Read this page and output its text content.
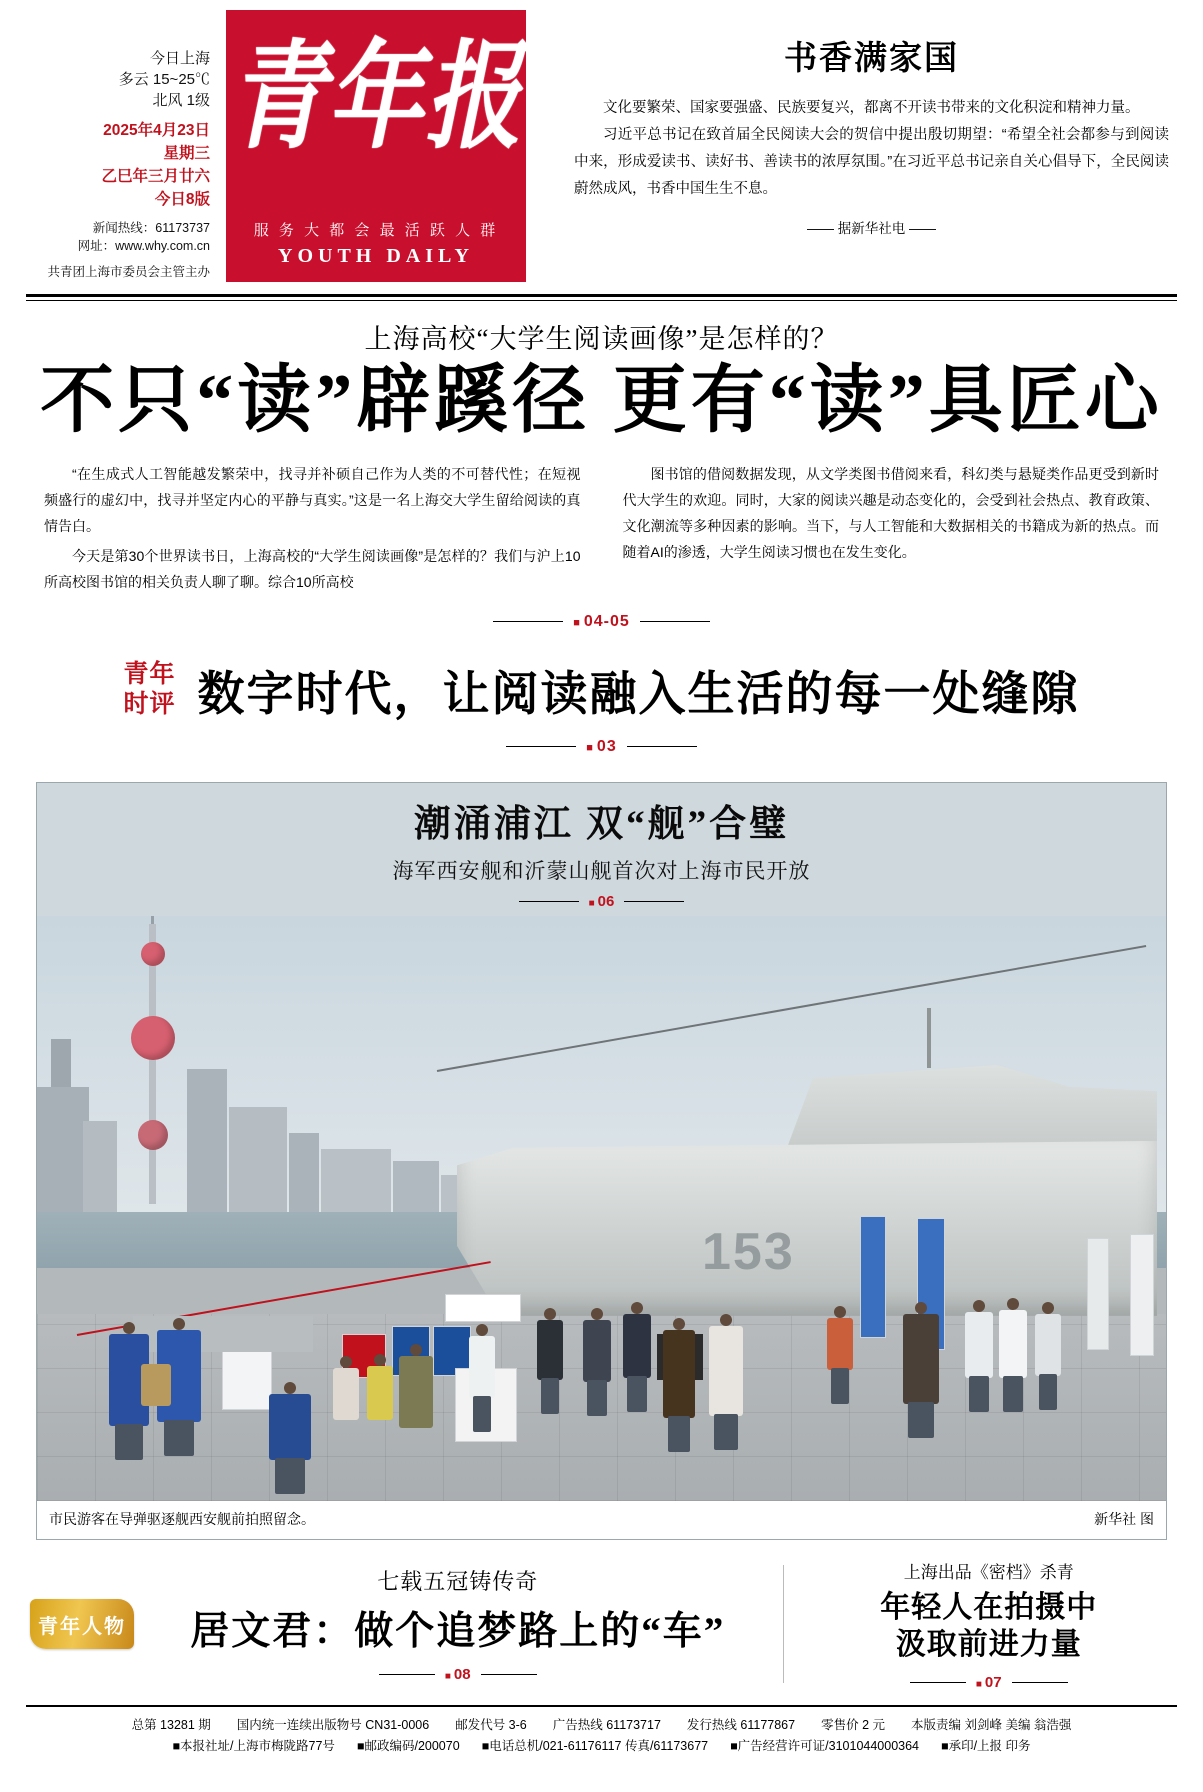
今日上海
多云 15~25℃
北风 1级
2025年4月23日
星期三
乙巳年三月廿六
今日8版
新闻热线：61173737
网址：www.why.com.cn
共青团上海市委员会主管主办
青年报
服 务 大 都 会 最 活 跃 人 群
YOUTH DAILY
书香满家国

文化要繁荣、国家要强盛、民族要复兴，都离不开读书带来的文化积淀和精神力量。

习近平总书记在致首届全民阅读大会的贺信中提出殷切期望：“希望全社会都参与到阅读中来，形成爱读书、读好书、善读书的浓厚氛围。”在习近平总书记亲自关心倡导下，全民阅读蔚然成风，书香中国生生不息。

—— 据新华社电 ——
上海高校“大学生阅读画像”是怎样的？
不只“读”辟蹊径 更有“读”具匠心

“在生成式人工智能越发繁荣中，找寻并补硕自己作为人类的不可替代性；在短视频盛行的虚幻中，找寻并坚定内心的平静与真实。”这是一名上海交大学生留给阅读的真情告白。

今天是第30个世界读书日，上海高校的“大学生阅读画像”是怎样的？我们与沪上10所高校图书馆的相关负责人聊了聊。综合10所高校

图书馆的借阅数据发现，从文学类图书借阅来看，科幻类与悬疑类作品更受到新时代大学生的欢迎。同时，大家的阅读兴趣是动态变化的，会受到社会热点、教育政策、文化潮流等多种因素的影响。当下，与人工智能和大数据相关的书籍成为新的热点。而随着AI的渗透，大学生阅读习惯也在发生变化。

■ 04-05
青年
时评 数字时代，让阅读融入生活的每一处缝隙
■ 03
潮涌浦江 双“舰”合璧
海军西安舰和沂蒙山舰首次对上海市民开放
■ 06
153
市民游客在导弹驱逐舰西安舰前拍照留念。	新华社 图
青年人物
七载五冠铸传奇
居文君：做个追梦路上的“车”
■ 08
上海出品《密档》杀青
年轻人在拍摄中
汲取前进力量
■ 07
总第 13281 期 国内统一连续出版物号 CN31-0006 邮发代号 3-6 广告热线 61173717 发行热线 61177867 零售价 2 元 本版责编 刘剑峰 美编 翁浩强
■本报社址/上海市梅陇路77号 ■邮政编码/200070 ■电话总机/021-61176117 传真/61173677 ■广告经营许可证/3101044000364 ■承印/上报 印务
